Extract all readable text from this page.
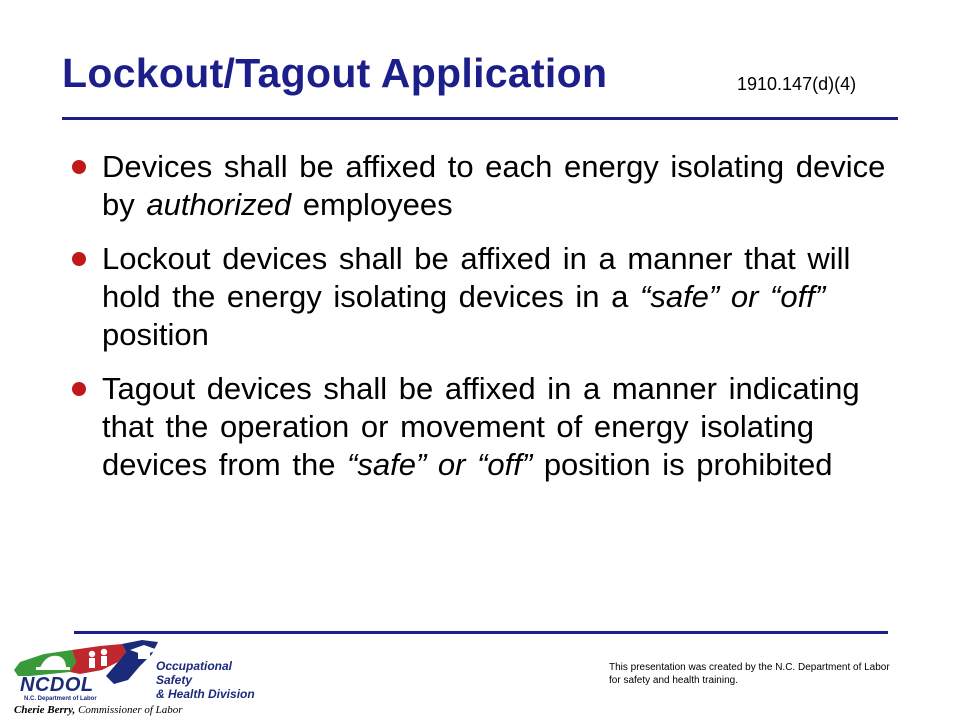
Lockout/Tagout Application	1910.147(d)(4)
Devices shall be affixed to each energy isolating device by authorized employees
Lockout devices shall be affixed in a manner that will hold the energy isolating devices in a “safe” or “off” position
Tagout devices shall be affixed in a manner indicating that the operation or movement of energy isolating devices from the “safe” or “off” position is prohibited
This presentation was created by the N.C. Department of Labor for safety and health training.
NCDOL
N.C. Department of Labor
Occupational Safety
& Health Division
Cherie Berry, Commissioner of Labor
